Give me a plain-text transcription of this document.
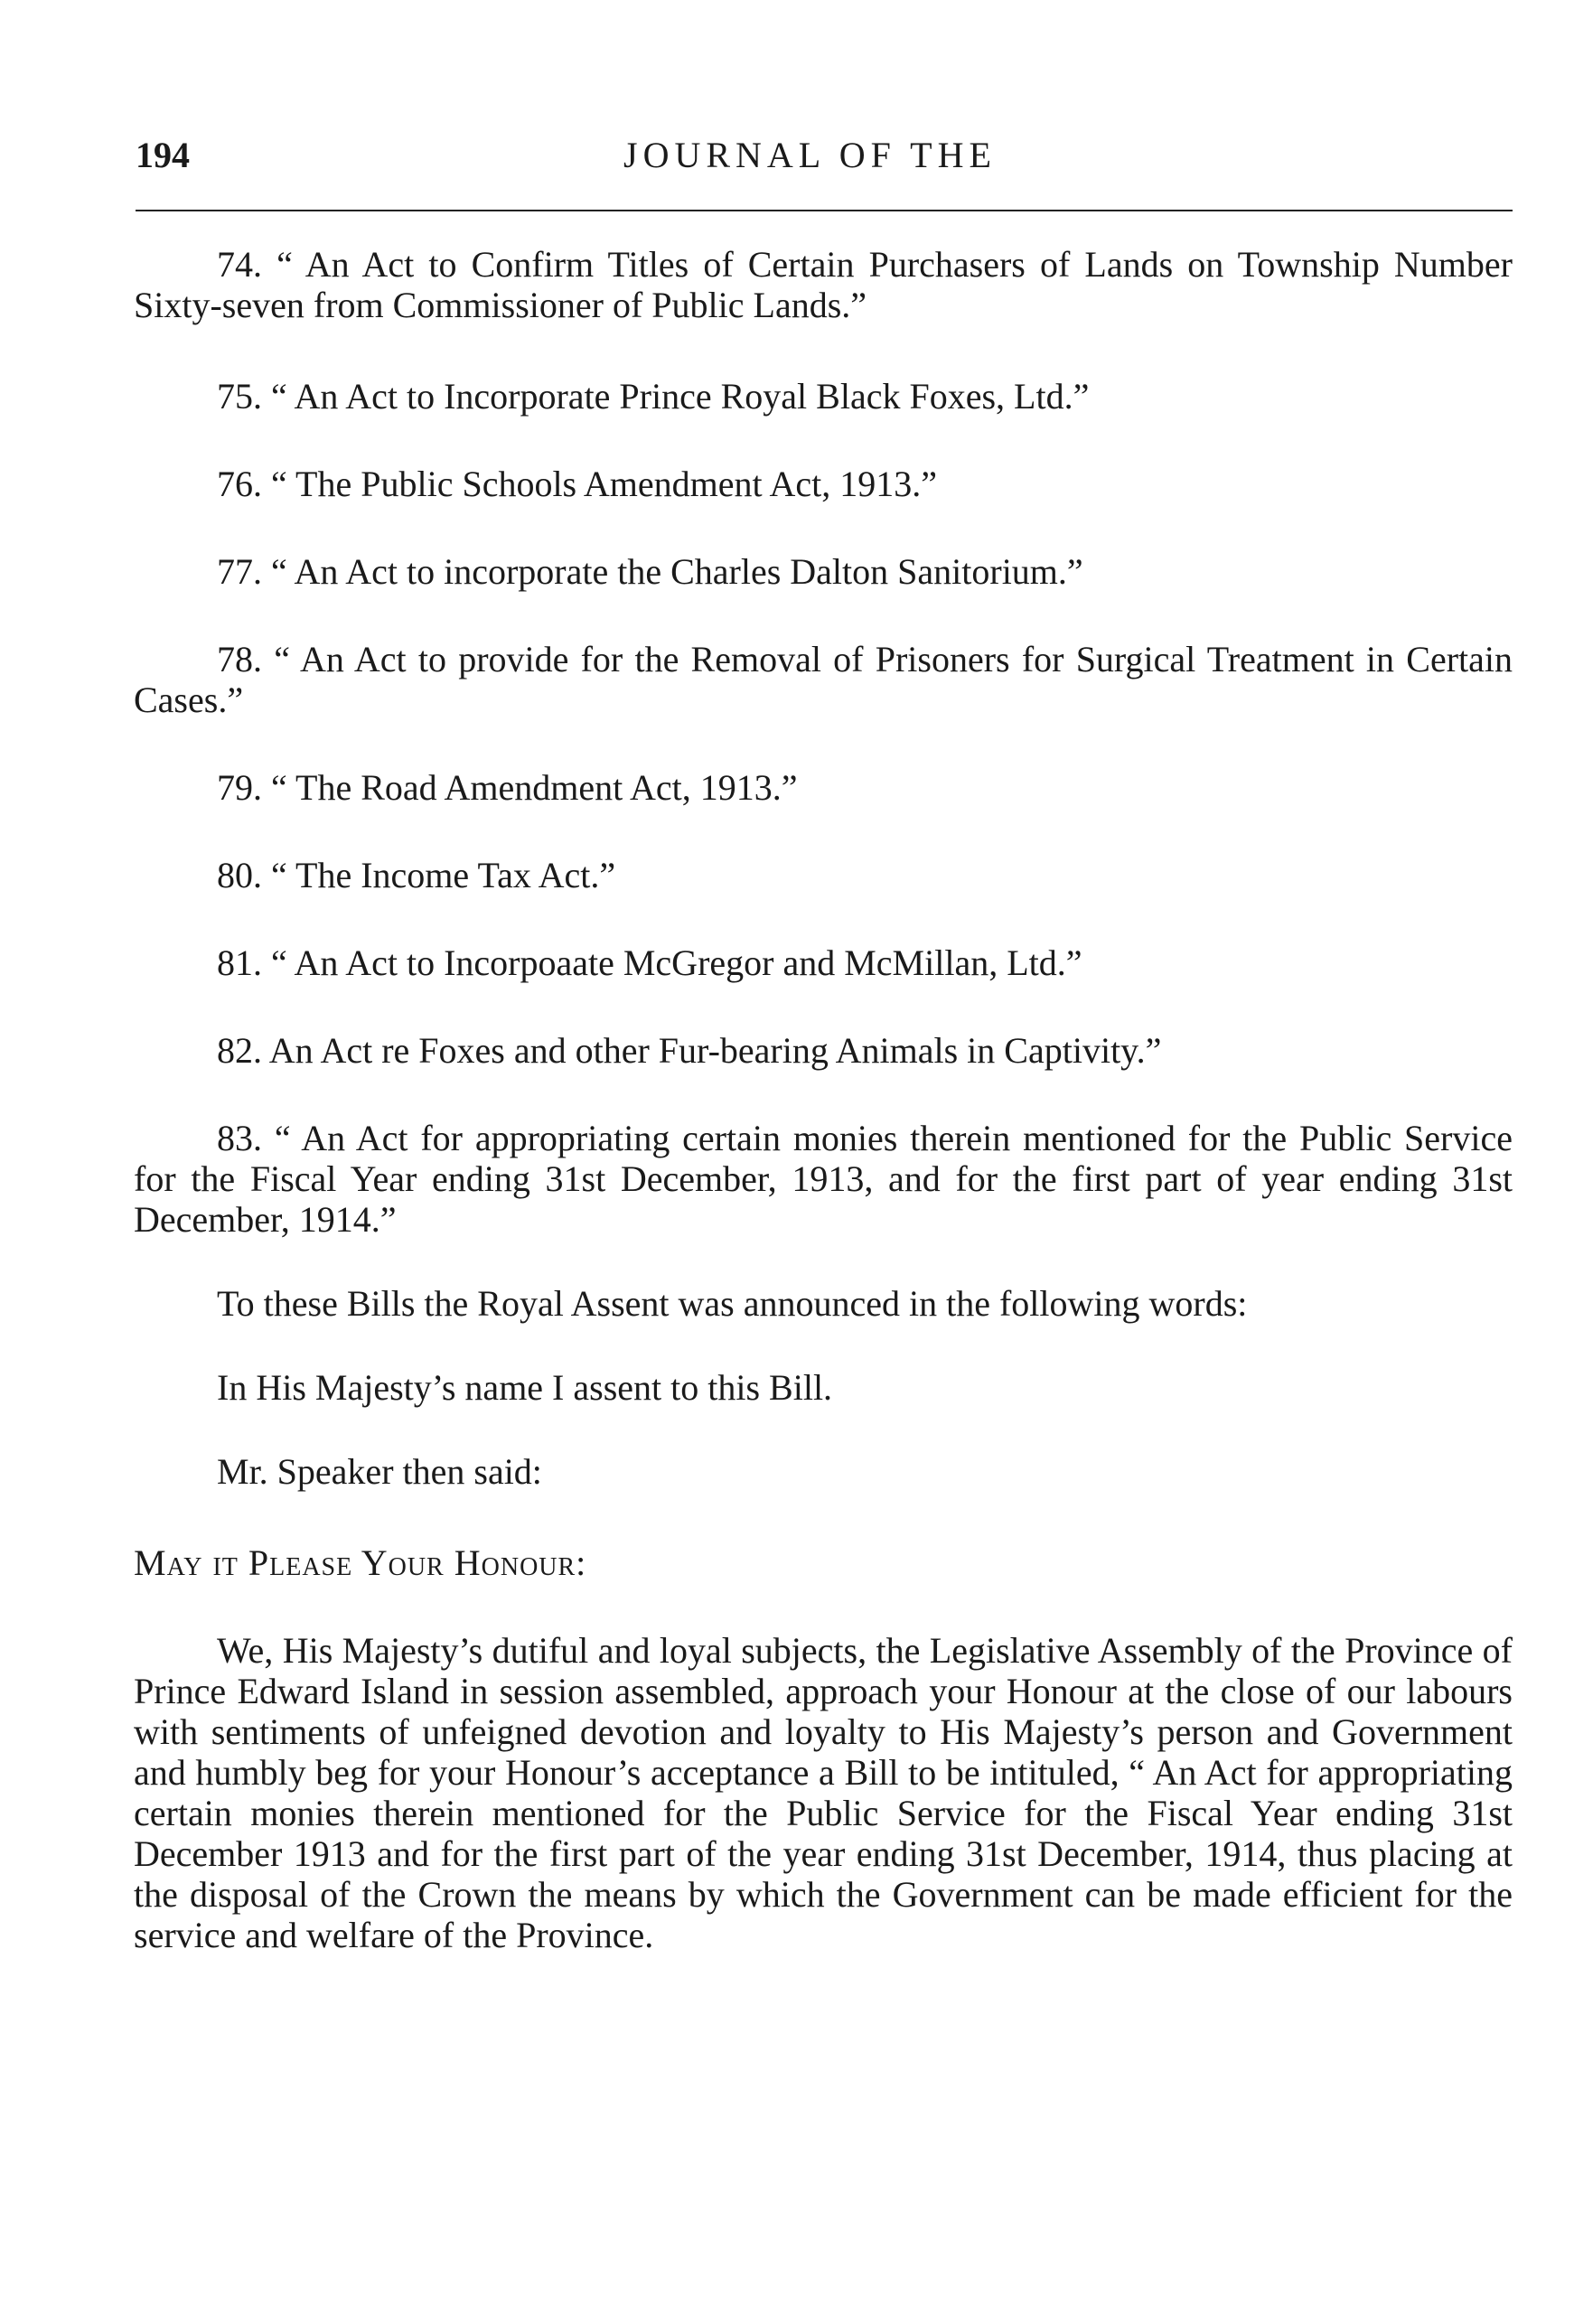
194	JOURNAL OF THE

74. “ An Act to Confirm Titles of Certain Purchasers of Lands on Township Number Sixty-seven from Commissioner of Public Lands.”

75. “ An Act to Incorporate Prince Royal Black Foxes, Ltd.”

76. “ The Public Schools Amendment Act, 1913.”

77. “ An Act to incorporate the Charles Dalton Sanitorium.”

78. “ An Act to provide for the Removal of Prisoners for Surgical Treatment in Certain Cases.”

79. “ The Road Amendment Act, 1913.”

80. “ The Income Tax Act.”

81. “ An Act to Incorpoaate McGregor and McMillan, Ltd.”

82. An Act re Foxes and other Fur-bearing Animals in Captivity.”

83. “ An Act for appropriating certain monies therein mentioned for the Public Service for the Fiscal Year ending 31st December, 1913, and for the first part of year ending 31st December, 1914.”

To these Bills the Royal Assent was announced in the following words:

In His Majesty’s name I assent to this Bill.

Mr. Speaker then said:

May it Please Your Honour:

We, His Majesty’s dutiful and loyal subjects, the Legislative Assembly of the Province of Prince Edward Island in session assembled, approach your Honour at the close of our labours with sentiments of unfeigned devotion and loyalty to His Majesty’s person and Government and humbly beg for your Honour’s acceptance a Bill to be intituled, “ An Act for appropriating certain monies therein mentioned for the Public Service for the Fiscal Year ending 31st December 1913 and for the first part of the year ending 31st December, 1914, thus placing at the disposal of the Crown the means by which the Government can be made efficient for the service and welfare of the Province.
